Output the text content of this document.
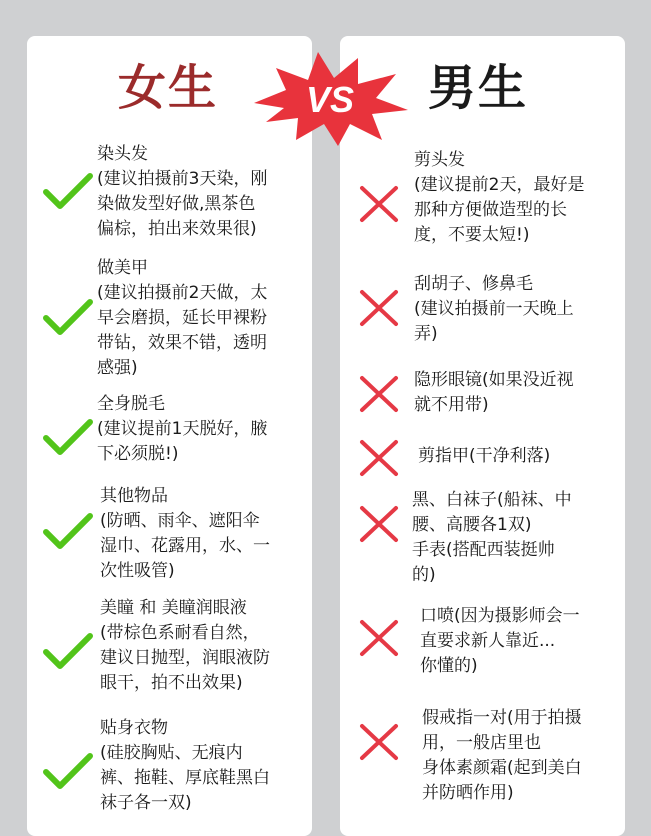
VS
女生	男生
染头发
(建议拍摄前3天染，刚
染做发型好做,黑茶色
偏棕，拍出来效果很)
做美甲
(建议拍摄前2天做，太
早会磨损，延长甲裸粉
带钻，效果不错，透明
感强)
全身脱毛
(建议提前1天脱好，腋
下必须脱!)
其他物品
(防晒、雨伞、遮阳伞
湿巾、花露用，水、一
次性吸管)
美瞳 和 美瞳润眼液
(带棕色系耐看自然，
建议日抛型，润眼液防
眼干，拍不出效果)
贴身衣物
(硅胶胸贴、无痕内
裤、拖鞋、厚底鞋黑白
袜子各一双)
剪头发
(建议提前2天，最好是
那种方便做造型的长
度，不要太短!)
刮胡子、修鼻毛
(建议拍摄前一天晚上
弄)
隐形眼镜(如果没近视
就不用带)
剪指甲(干净利落)
黑、白袜子(船袜、中
腰、高腰各1双)
手表(搭配西装挺帅
的)
口喷(因为摄影师会一
直要求新人靠近...
你懂的)
假戒指一对(用于拍摄
用，一般店里也
身体素颜霜(起到美白
并防晒作用)
